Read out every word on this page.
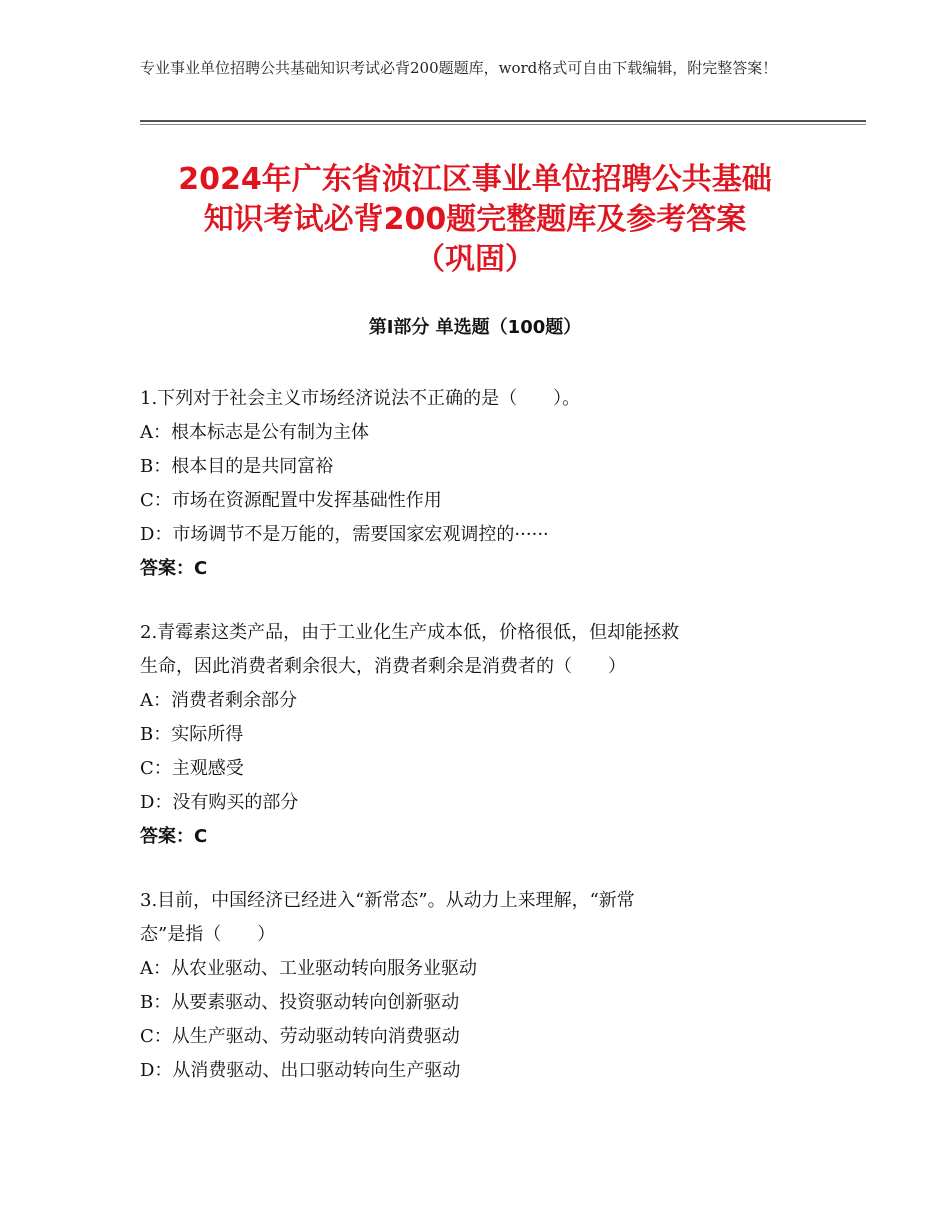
专业事业单位招聘公共基础知识考试必背200题题库，word格式可自由下载编辑，附完整答案！
2024年广东省浈江区事业单位招聘公共基础
知识考试必背200题完整题库及参考答案
（巩固）
第Ⅰ部分 单选题（100题）

1.下列对于社会主义市场经济说法不正确的是（　　）。

A：根本标志是公有制为主体

B：根本目的是共同富裕

C：市场在资源配置中发挥基础性作用

D：市场调节不是万能的，需要国家宏观调控的······

答案：C

2.青霉素这类产品，由于工业化生产成本低，价格很低，但却能拯救

生命，因此消费者剩余很大，消费者剩余是消费者的（　　）

A：消费者剩余部分

B：实际所得

C：主观感受

D：没有购买的部分

答案：C

3.目前，中国经济已经进入“新常态”。从动力上来理解，“新常

态”是指（　　）

A：从农业驱动、工业驱动转向服务业驱动

B：从要素驱动、投资驱动转向创新驱动

C：从生产驱动、劳动驱动转向消费驱动

D：从消费驱动、出口驱动转向生产驱动
